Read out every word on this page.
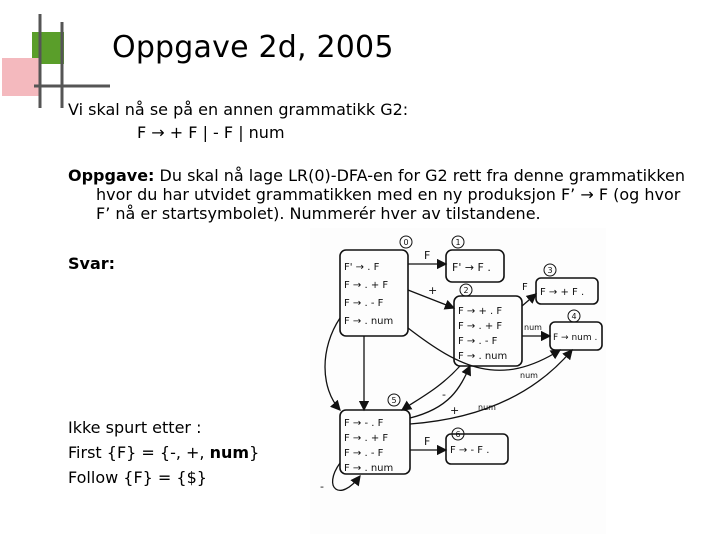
Oppgave 2d, 2005
Vi skal nå se på en annen grammatikk G2:
F → + F | - F | num
Oppgave: Du skal nå lage LR(0)-DFA-en for G2 rett fra denne grammatikken
hvor du har utvidet grammatikken med en ny produksjon F’ → F (og hvor
F’ nå er startsymbolet). Nummerér hver av tilstandene.
Svar:
Ikke spurt etter :
First {F} = {-, +, num}
Follow {F} = {$}
0	1
2
3
4
5
6
F' → . F
F → . + F
F → . - F
F → . num
F' → F .
F → + . F
F → . + F
F → . - F
F → . num
F → + F .
F → num .
F → - . F
F → . + F
F → . - F
F → . num
F → - F .
F
+	F
num
num
-
+
F
num
-
